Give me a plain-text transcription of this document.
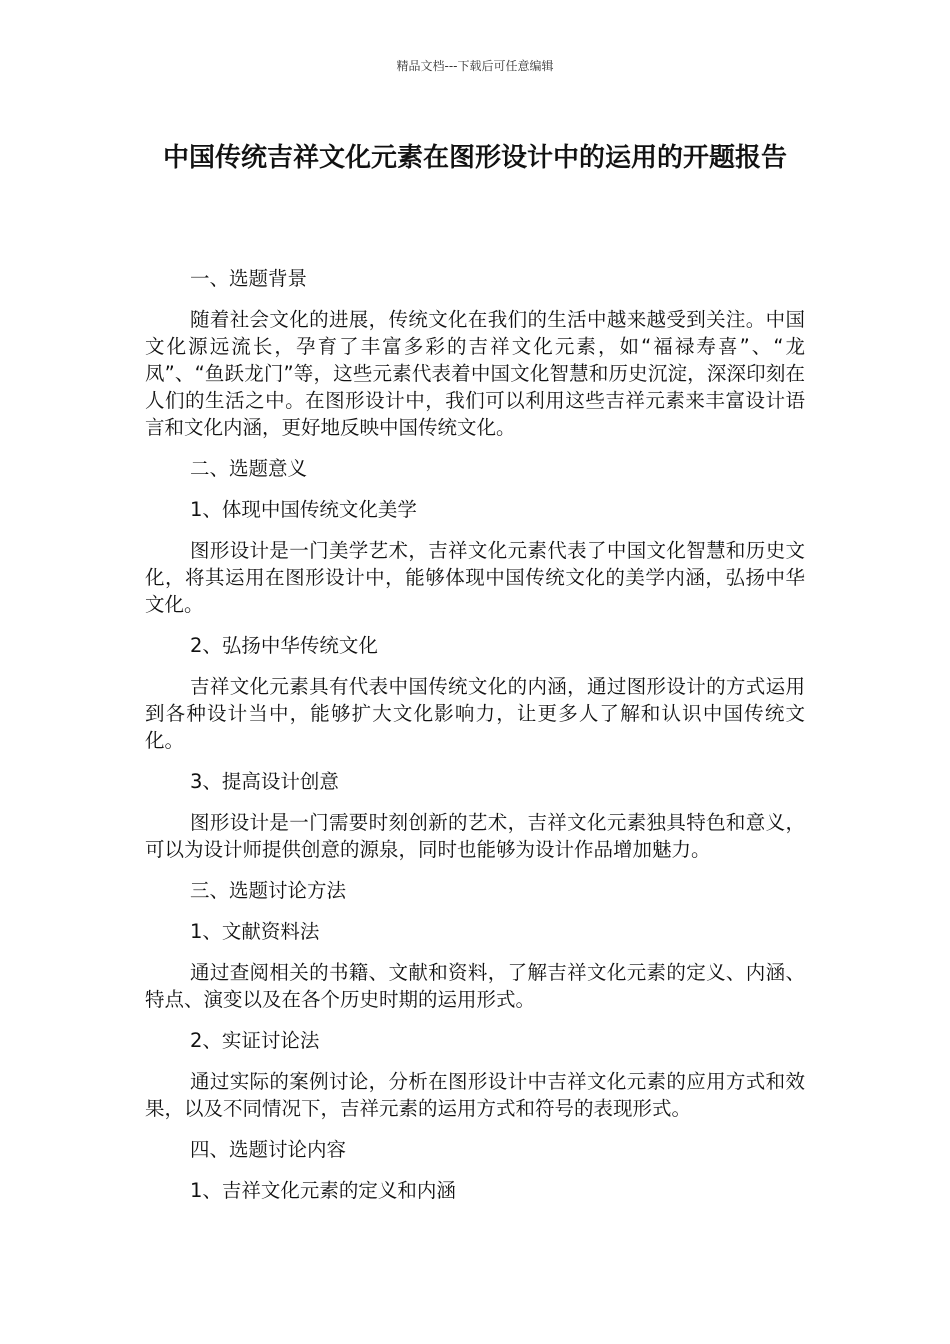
精品文档---下载后可任意编辑
中国传统吉祥文化元素在图形设计中的运用的开题报告

一、选题背景

随着社会文化的进展，传统文化在我们的生活中越来越受到关注。中国文化源远流长，孕育了丰富多彩的吉祥文化元素，如“福禄寿喜”、“龙凤”、“鱼跃龙门”等，这些元素代表着中国文化智慧和历史沉淀，深深印刻在人们的生活之中。在图形设计中，我们可以利用这些吉祥元素来丰富设计语言和文化内涵，更好地反映中国传统文化。

二、选题意义

1、体现中国传统文化美学

图形设计是一门美学艺术，吉祥文化元素代表了中国文化智慧和历史文化，将其运用在图形设计中，能够体现中国传统文化的美学内涵，弘扬中华文化。

2、弘扬中华传统文化

吉祥文化元素具有代表中国传统文化的内涵，通过图形设计的方式运用到各种设计当中，能够扩大文化影响力，让更多人了解和认识中国传统文化。

3、提高设计创意

图形设计是一门需要时刻创新的艺术，吉祥文化元素独具特色和意义，可以为设计师提供创意的源泉，同时也能够为设计作品增加魅力。

三、选题讨论方法

1、文献资料法

通过查阅相关的书籍、文献和资料，了解吉祥文化元素的定义、内涵、特点、演变以及在各个历史时期的运用形式。

2、实证讨论法

通过实际的案例讨论，分析在图形设计中吉祥文化元素的应用方式和效果，以及不同情况下，吉祥元素的运用方式和符号的表现形式。

四、选题讨论内容

1、吉祥文化元素的定义和内涵
